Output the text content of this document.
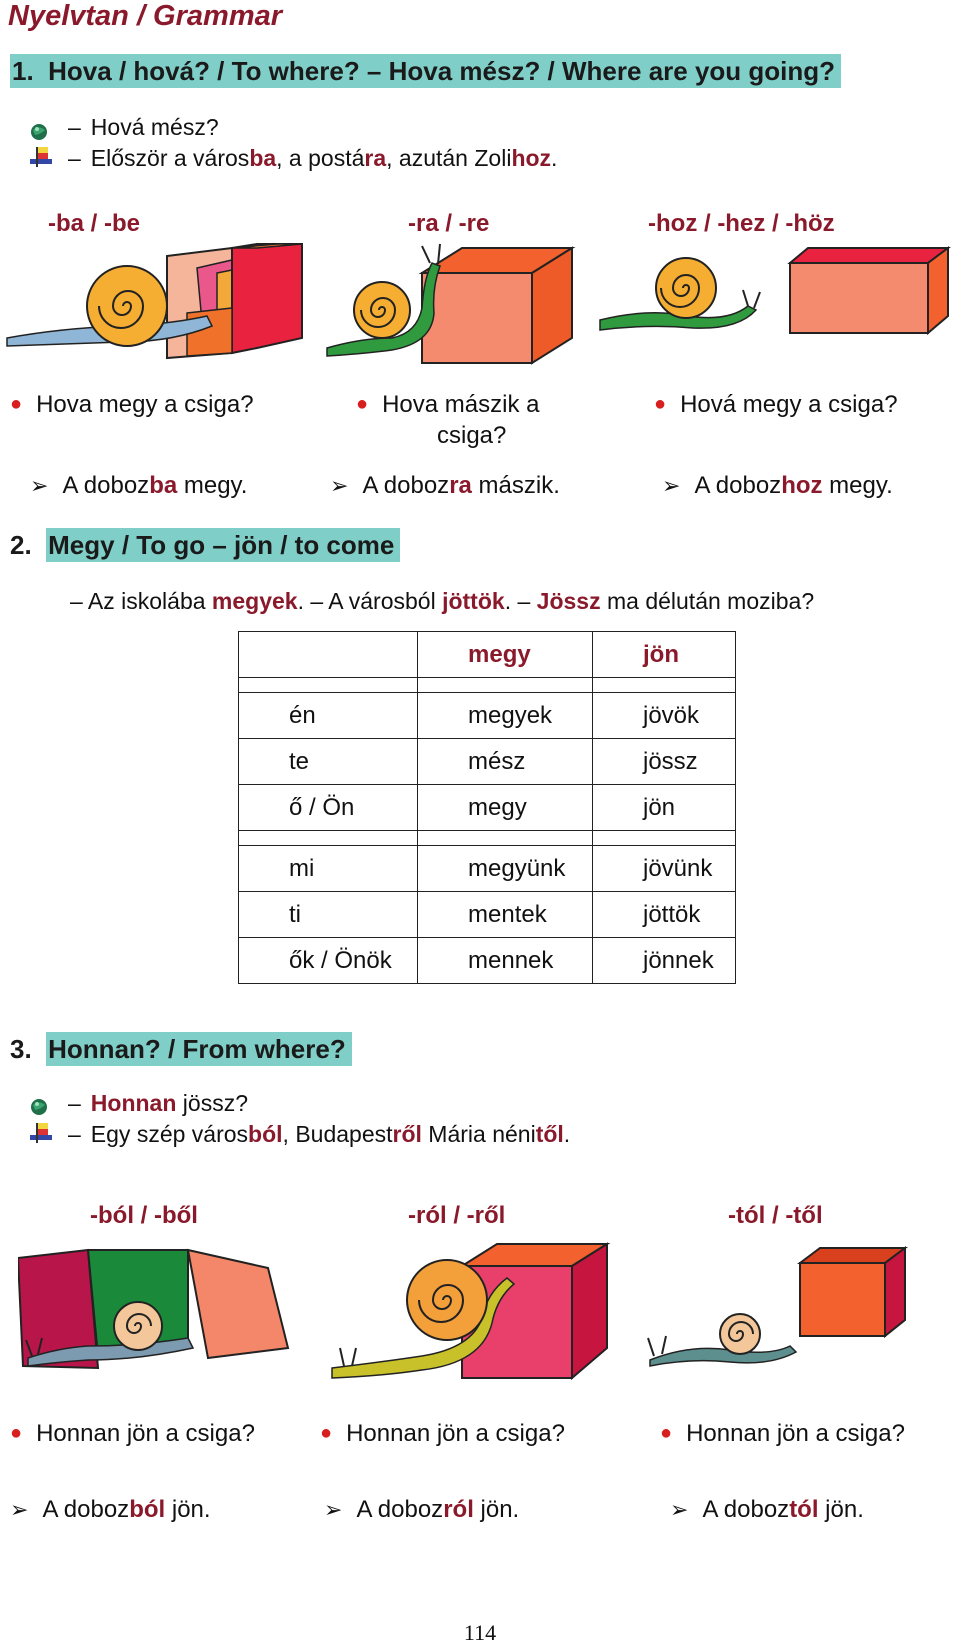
Nyelvtan / Grammar
1. Hova / hová? / To where? – Hova mész? / Where are you going?
– Hová mész?
– Először a városba, a postára, azután Zolihoz.
-ba / -be	-ra / -re	-hoz / -hez / -höz
● Hova megy a csiga?	● Hova mászik a
csiga?
● Hová megy a csiga?
➢ A dobozba megy.	➢ A dobozra mászik.	➢ A dobozhoz megy.
2. Megy / To go – jön / to come
– Az iskolába megyek. – A városból jöttök. – Jössz ma délután moziba?
	megy	jön

én	megyek	jövök
te	mész	jössz
ő / Ön	megy	jön

mi	megyünk	jövünk
ti	mentek	jöttök
ők / Önök	mennek	jönnek
3. Honnan? / From where?
– Honnan jössz?
– Egy szép városból, Budapestről Mária nénitől.
-ból / -ből	-ról / -ről	-tól / -től
● Honnan jön a csiga?	● Honnan jön a csiga?	● Honnan jön a csiga?
➢ A dobozból jön.	➢ A dobozról jön.	➢ A doboztól jön.
114
